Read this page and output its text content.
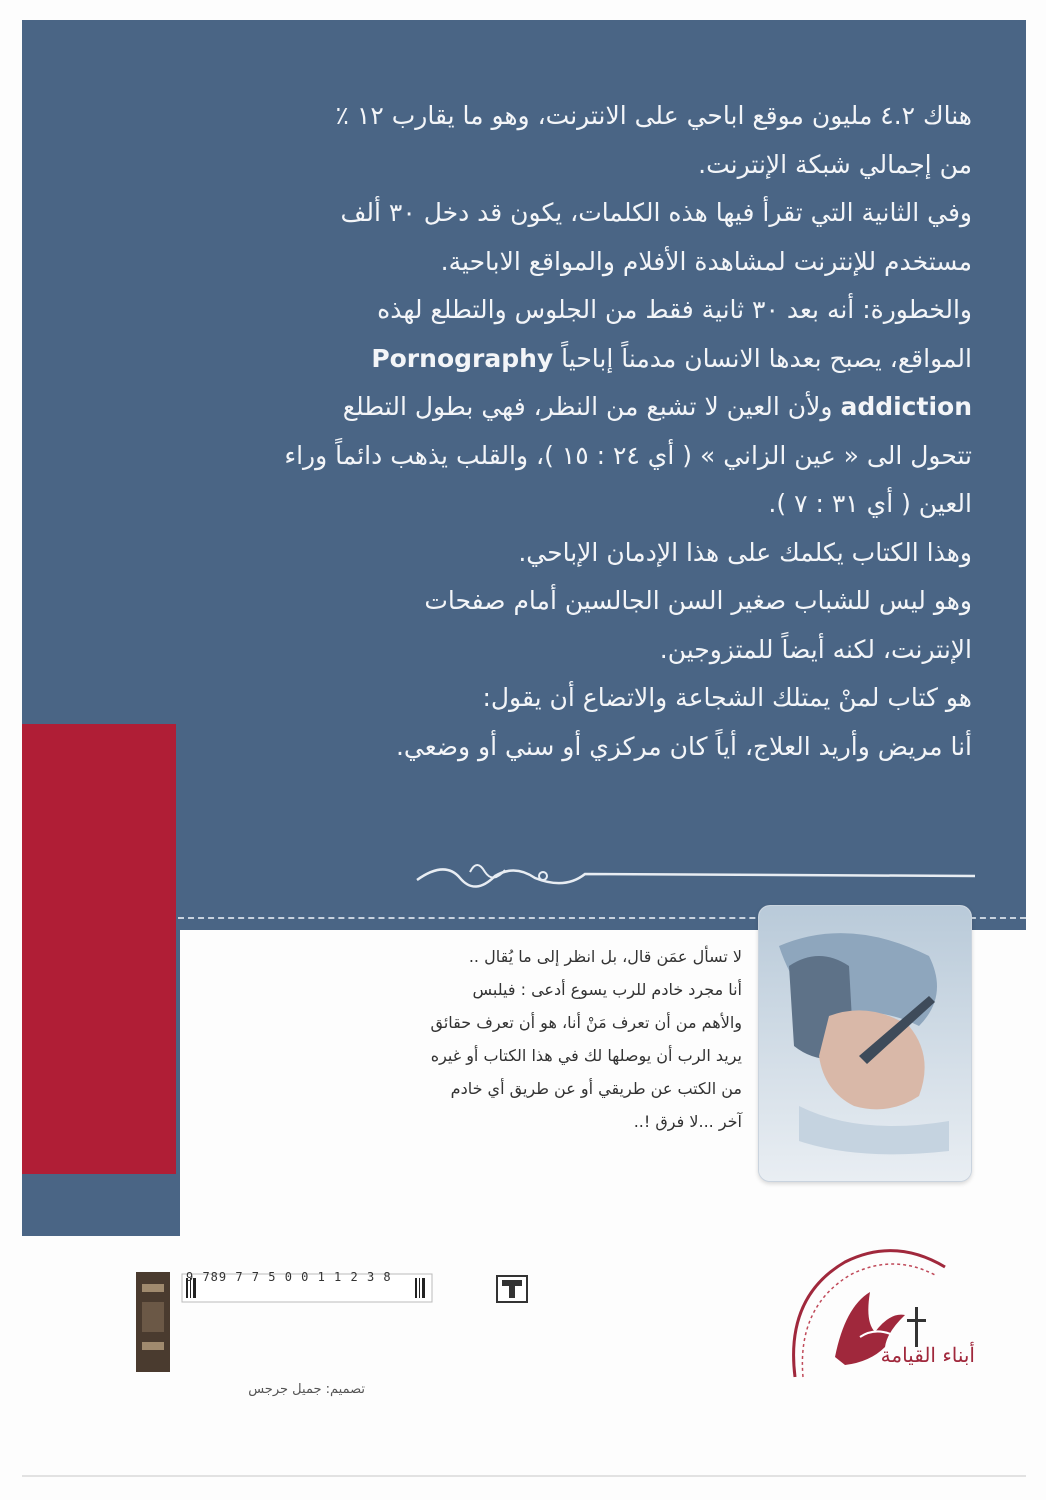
هناك ٤.٢ مليون موقع اباحي على الانترنت، وهو ما يقارب ١٢ ٪
من إجمالي شبكة الإنترنت.
وفي الثانية التي تقرأ فيها هذه الكلمات، يكون قد دخل ٣٠ ألف
مستخدم للإنترنت لمشاهدة الأفلام والمواقع الاباحية.
والخطورة: أنه بعد ٣٠ ثانية فقط من الجلوس والتطلع لهذه
المواقع، يصبح بعدها الانسان مدمناً إباحياً Pornography
addiction ولأن العين لا تشبع من النظر، فهي بطول التطلع
تتحول الى « عين الزاني » ( أي ٢٤ : ١٥ )، والقلب يذهب دائماً وراء
العين ( أي ٣١ : ٧ ).
وهذا الكتاب يكلمك على هذا الإدمان الإباحي.
وهو ليس للشباب صغير السن الجالسين أمام صفحات
الإنترنت، لكنه أيضاً للمتزوجين.
هو كتاب لمنْ يمتلك الشجاعة والاتضاع أن يقول:
أنا مريض وأريد العلاج، أياً كان مركزي أو سني أو وضعي.
لا تسأل عمَن قال، بل انظر إلى ما يُقال ..
أنا مجرد خادم للرب يسوع أدعى : فيلبس
والأهم من أن تعرف مَنْ أنا، هو أن تعرف حقائق
يريد الرب أن يوصلها لك في هذا الكتاب أو غيره
من الكتب عن طريقي أو عن طريق أي خادم
آخر ...لا فرق !..
أبناء القيامة
9 789 7 7 5 0 0 1 1 2 3 8
تصميم: جميل جرجس
